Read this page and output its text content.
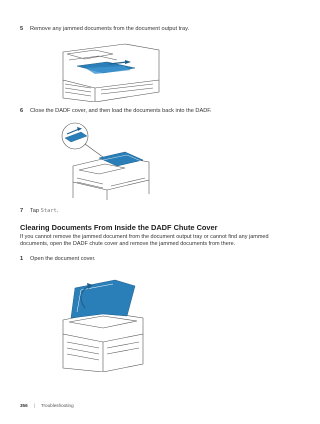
5 Remove any jammed documents from the document output tray.
6 Close the DADF cover, and then load the documents back into the DADF.
7 Tap Start.
Clearing Documents From Inside the DADF Chute Cover
If you cannot remove the jammed document from the document output tray or cannot find any jammed documents, open the DADF chute cover and remove the jammed documents from there.
1 Open the document cover.
356 | Troubleshooting
